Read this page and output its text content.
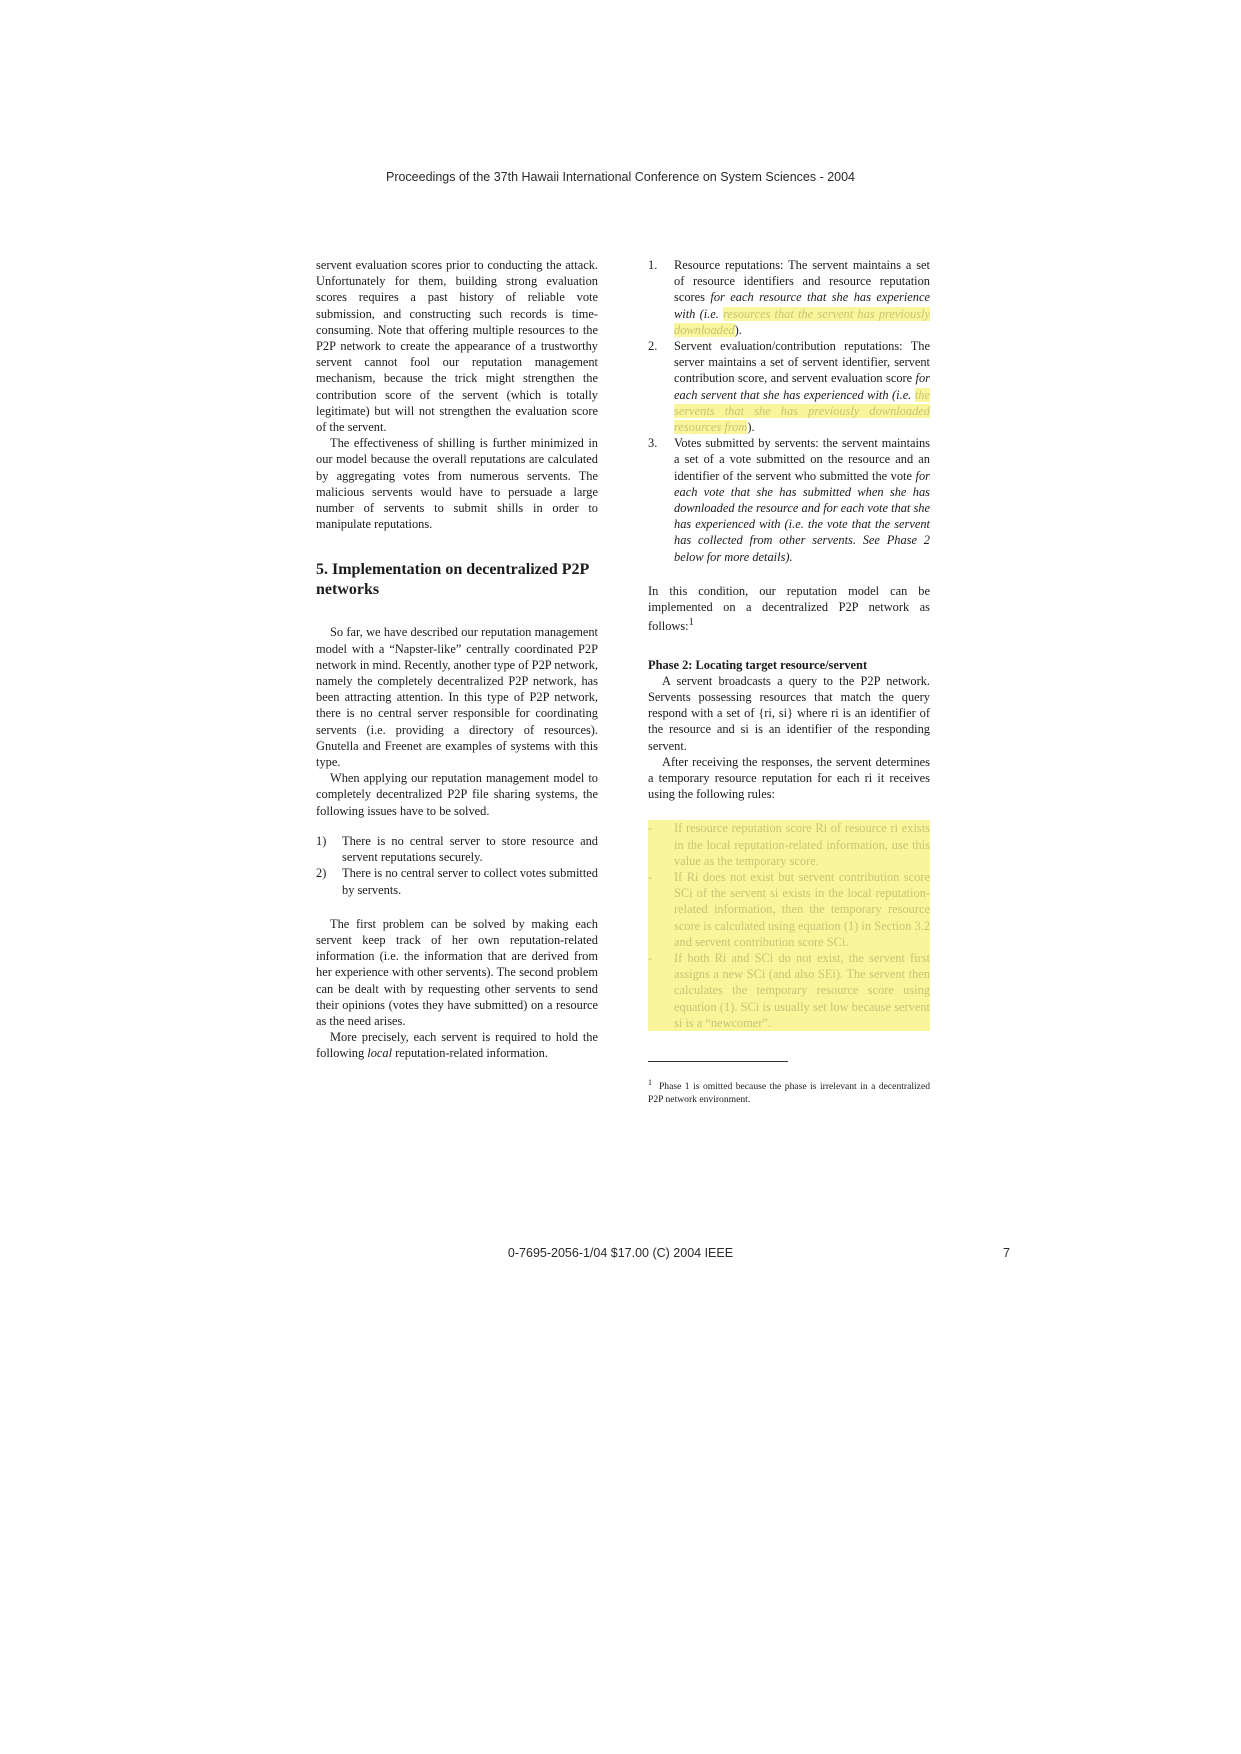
Proceedings of the 37th Hawaii International Conference on System Sciences - 2004

servent evaluation scores prior to conducting the attack. Unfortunately for them, building strong evaluation scores requires a past history of reliable vote submission, and constructing such records is time-consuming. Note that offering multiple resources to the P2P network to create the appearance of a trustworthy servent cannot fool our reputation management mechanism, because the trick might strengthen the contribution score of the servent (which is totally legitimate) but will not strengthen the evaluation score of the servent.

The effectiveness of shilling is further minimized in our model because the overall reputations are calculated by aggregating votes from numerous servents. The malicious servents would have to persuade a large number of servents to submit shills in order to manipulate reputations.

5. Implementation on decentralized P2P networks

So far, we have described our reputation management model with a “Napster-like” centrally coordinated P2P network in mind. Recently, another type of P2P network, namely the completely decentralized P2P network, has been attracting attention. In this type of P2P network, there is no central server responsible for coordinating servents (i.e. providing a directory of resources). Gnutella and Freenet are examples of systems with this type.

When applying our reputation management model to completely decentralized P2P file sharing systems, the following issues have to be solved.

1) There is no central server to store resource and servent reputations securely.
2) There is no central server to collect votes submitted by servents.

The first problem can be solved by making each servent keep track of her own reputation-related information (i.e. the information that are derived from her experience with other servents). The second problem can be dealt with by requesting other servents to send their opinions (votes they have submitted) on a resource as the need arises.

More precisely, each servent is required to hold the following local reputation-related information.

1. Resource reputations: The servent maintains a set of resource identifiers and resource reputation scores for each resource that she has experience with (i.e. resources that the servent has previously downloaded).
2. Servent evaluation/contribution reputations: The server maintains a set of servent identifier, servent contribution score, and servent evaluation score for each servent that she has experienced with (i.e. the servents that she has previously downloaded resources from).
3. Votes submitted by servents: the servent maintains a set of a vote submitted on the resource and an identifier of the servent who submitted the vote for each vote that she has submitted when she has downloaded the resource and for each vote that she has experienced with (i.e. the vote that the servent has collected from other servents. See Phase 2 below for more details).

In this condition, our reputation model can be implemented on a decentralized P2P network as follows:$^1$

Phase 2: Locating target resource/servent

A servent broadcasts a query to the P2P network. Servents possessing resources that match the query respond with a set of {ri, si} where ri is an identifier of the resource and si is an identifier of the responding servent.

After receiving the responses, the servent determines a temporary resource reputation for each ri it receives using the following rules:

- If resource reputation score Ri of resource ri exists in the local reputation-related information, use this value as the temporary score.
- If Ri does not exist but servent contribution score SCi of the servent si exists in the local reputation-related information, then the temporary resource score is calculated using equation (1) in Section 3.2 and servent contribution score SCi.
- If both Ri and SCi do not exist, the servent first assigns a new SCi (and also SEi). The servent then calculates the temporary resource score using equation (1). SCi is usually set low because servent si is a “newcomer”.
$^1$ Phase 1 is omitted because the phase is irrelevant in a decentralized P2P network environment.
0-7695-2056-1/04 $17.00 (C) 2004 IEEE	7
